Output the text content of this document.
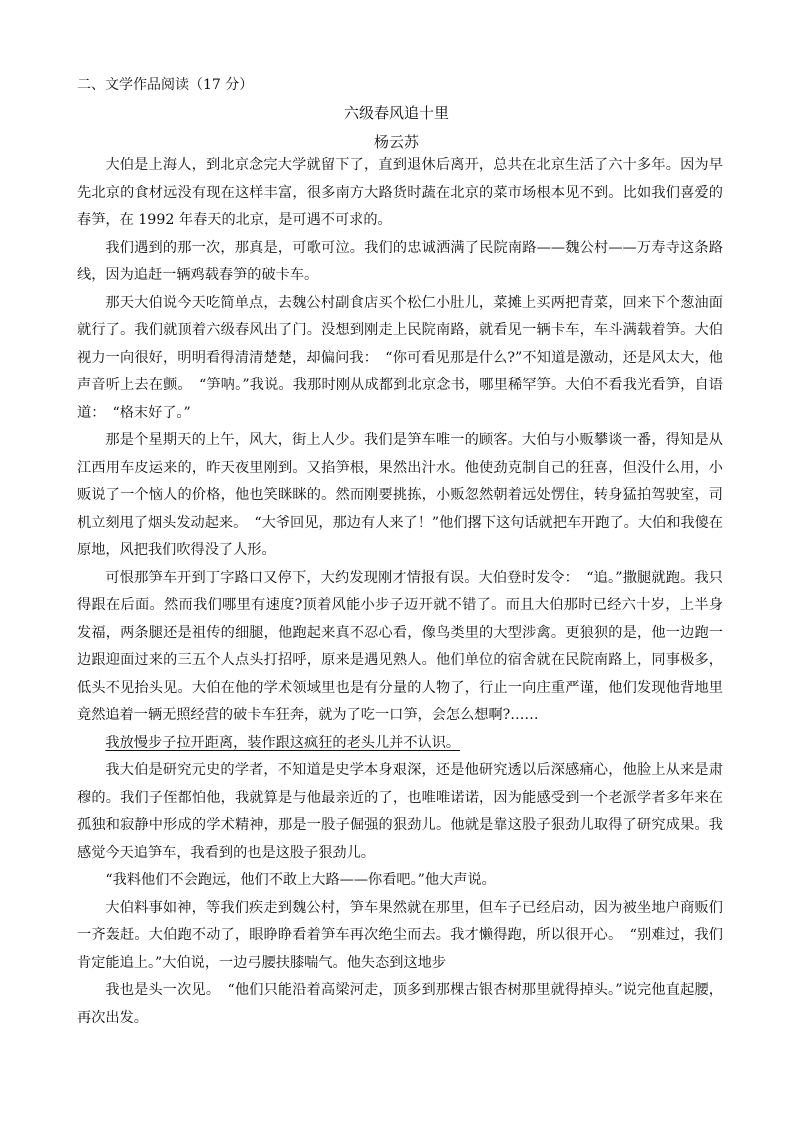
二、文学作品阅读（17 分）
六级春风追十里
杨云苏

大伯是上海人，到北京念完大学就留下了，直到退休后离开，总共在北京生活了六十多年。因为早先北京的食材远没有现在这样丰富，很多南方大路货时蔬在北京的菜市场根本见不到。比如我们喜爱的春笋，在 1992 年春天的北京，是可遇不可求的。

我们遇到的那一次，那真是，可歌可泣。我们的忠诚洒满了民院南路——魏公村——万寿寺这条路线，因为追赶一辆鸡载春笋的破卡车。

那天大伯说今天吃简单点，去魏公村副食店买个松仁小肚儿，菜摊上买两把青菜，回来下个葱油面就行了。我们就顶着六级春风出了门。没想到刚走上民院南路，就看见一辆卡车，车斗满载着笋。大伯视力一向很好，明明看得清清楚楚，却偏问我：　“你可看见那是什么?”不知道是激动，还是风太大，他声音听上去在颤。　“笋呐。”我说。我那时刚从成都到北京念书，哪里稀罕笋。大伯不看我光看笋，自语道：　“格末好了。”

那是个星期天的上午，风大，街上人少。我们是笋车唯一的顾客。大伯与小贩攀谈一番，得知是从江西用车皮运来的，昨天夜里刚到。又掐笋根，果然出汁水。他使劲克制自己的狂喜，但没什么用，小贩说了一个恼人的价格，他也笑眯眯的。然而刚要挑拣，小贩忽然朝着远处愣住，转身猛拍驾驶室，司机立刻甩了烟头发动起来。　“大爷回见，那边有人来了！”他们撂下这句话就把车开跑了。大伯和我傻在原地，风把我们吹得没了人形。

可恨那笋车开到丁字路口又停下，大约发现刚才情报有误。大伯登时发令：　“追。”撒腿就跑。我只得跟在后面。然而我们哪里有速度?顶着风能小步子迈开就不错了。而且大伯那时已经六十岁，上半身发福，两条腿还是祖传的细腿，他跑起来真不忍心看，像鸟类里的大型涉禽。更狼狈的是，他一边跑一边跟迎面过来的三五个人点头打招呼，原来是遇见熟人。他们单位的宿舍就在民院南路上，同事极多，低头不见抬头见。大伯在他的学术领域里也是有分量的人物了，行止一向庄重严谨，他们发现他背地里竟然追着一辆无照经营的破卡车狂奔，就为了吃一口笋，会怎么想啊?……

我放慢步子拉开距离，装作跟这疯狂的老头儿并不认识。

我大伯是研究元史的学者，不知道是史学本身艰深，还是他研究透以后深感痛心，他脸上从来是肃穆的。我们子侄都怕他，我就算是与他最亲近的了，也唯唯诺诺，因为能感受到一个老派学者多年来在孤独和寂静中形成的学术精神，那是一股子倔强的狠劲儿。他就是靠这股子狠劲儿取得了研究成果。我感觉今天追笋车，我看到的也是这股子狠劲儿。

“我料他们不会跑远，他们不敢上大路——你看吧。”他大声说。

大伯料事如神，等我们疾走到魏公村，笋车果然就在那里，但车子已经启动，因为被坐地户商贩们一齐轰赶。大伯跑不动了，眼睁睁看着笋车再次绝尘而去。我才懒得跑，所以很开心。　“别难过，我们肯定能追上。”大伯说，一边弓腰扶膝喘气。他失态到这地步

我也是头一次见。　“他们只能沿着高梁河走，顶多到那棵古银杏树那里就得掉头。”说完他直起腰，再次出发。
